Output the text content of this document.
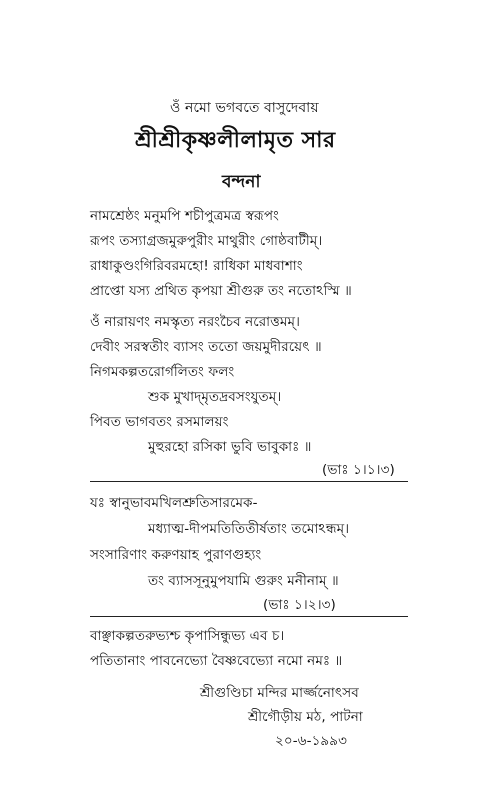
ওঁ নমো ভগবতে বাসুদেবায়
শ্রীশ্রীকৃষ্ণলীলামৃত সার
বন্দনা
নামশ্রেষ্ঠং মনুমপি শচীপুত্রমত্র স্বরূপং
রূপং তস্যাগ্রজমুরুপুরীং মাথুরীং গোষ্ঠবাটীম্।
রাধাকুণ্ডংগিরিবরমহো! রাধিকা মাধবাশাং
প্রাপ্তো যস্য প্রথিত কৃপয়া শ্রীগুরু তং নতোঽস্মি ॥
ওঁ নারায়ণং নমস্কৃত্য নরংচৈব নরোত্তমম্।
দেবীং সরস্বতীং ব্যাসং ততো জয়মুদীরয়েৎ ॥
নিগমকল্পতরোর্গলিতং ফলং
শুক মুখাদ্‌মৃতদ্রবসংযুতম্।
পিবত ভাগবতং রসমালয়ং
মুহুরহো রসিকা ভুবি ভাবুকাঃ ॥
(ভাঃ ১।১।৩)
যঃ স্বানুভাবমখিলশ্রুতিসারমেক-
মধ্যাত্ম-দীপমতিতিতীর্ষতাং তমোঽন্ধম্।
সংসারিণাং করুণয়াহ পুরাণগুহ্যং
তং ব্যাসসূনুমুপযামি গুরুং মনীনাম্ ॥
(ভাঃ ১।২।৩)
বাঞ্ছাকল্পতরুভ্যশ্চ কৃপাসিন্ধুভ্য এব চ।
পতিতানাং পাবনেভ্যো বৈষ্ণবেভ্যো নমো নমঃ ॥
শ্রীগুণ্ডিচা মন্দির মার্জ্জনোৎসব
শ্রীগৌড়ীয় মঠ, পাটনা
২০-৬-১৯৯৩
